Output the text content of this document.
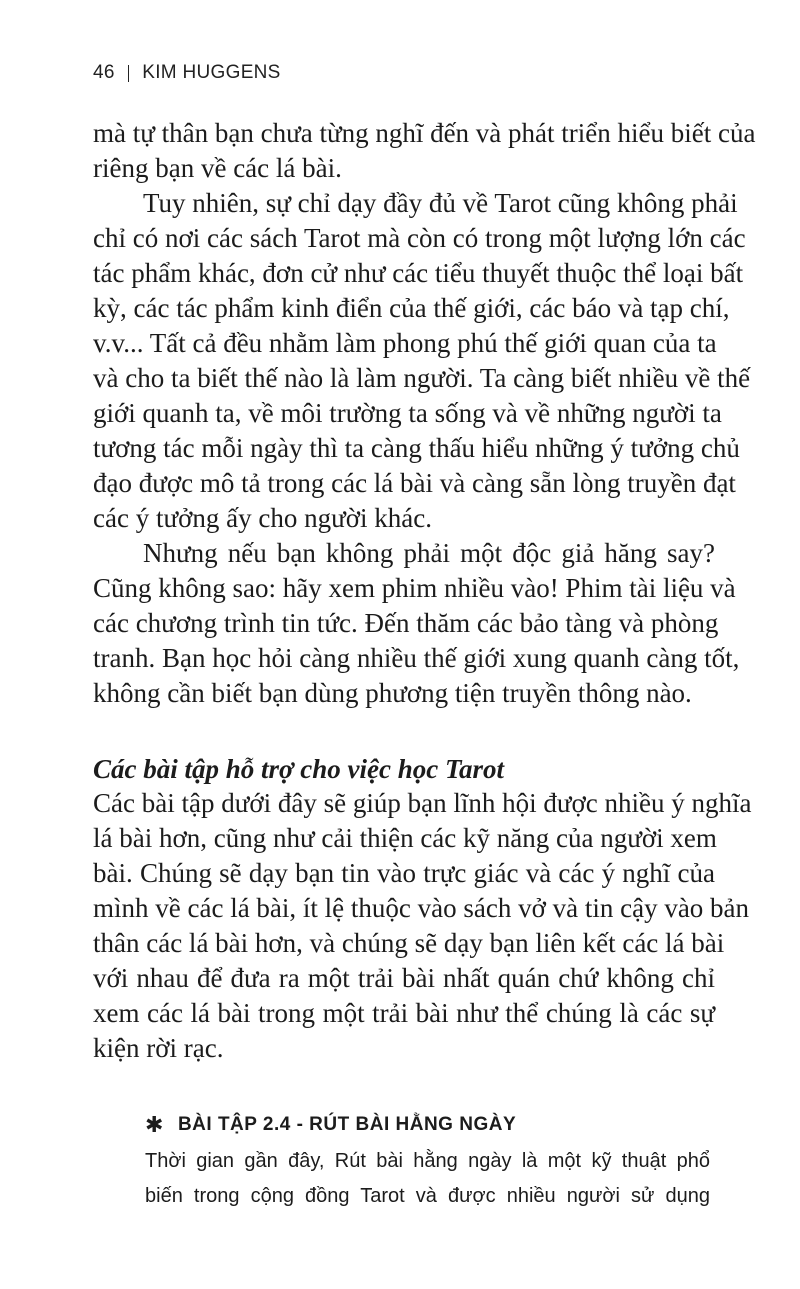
46 KIM HUGGENS
mà tự thân bạn chưa từng nghĩ đến và phát triển hiểu biết của
riêng bạn về các lá bài.
Tuy nhiên, sự chỉ dạy đầy đủ về Tarot cũng không phải
chỉ có nơi các sách Tarot mà còn có trong một lượng lớn các
tác phẩm khác, đơn cử như các tiểu thuyết thuộc thể loại bất
kỳ, các tác phẩm kinh điển của thế giới, các báo và tạp chí,
v.v... Tất cả đều nhằm làm phong phú thế giới quan của ta
và cho ta biết thế nào là làm người. Ta càng biết nhiều về thế
giới quanh ta, về môi trường ta sống và về những người ta
tương tác mỗi ngày thì ta càng thấu hiểu những ý tưởng chủ
đạo được mô tả trong các lá bài và càng sẵn lòng truyền đạt
các ý tưởng ấy cho người khác.
Nhưng nếu bạn không phải một độc giả hăng say?
Cũng không sao: hãy xem phim nhiều vào! Phim tài liệu và
các chương trình tin tức. Đến thăm các bảo tàng và phòng
tranh. Bạn học hỏi càng nhiều thế giới xung quanh càng tốt,
không cần biết bạn dùng phương tiện truyền thông nào.
Các bài tập hỗ trợ cho việc học Tarot
Các bài tập dưới đây sẽ giúp bạn lĩnh hội được nhiều ý nghĩa
lá bài hơn, cũng như cải thiện các kỹ năng của người xem
bài. Chúng sẽ dạy bạn tin vào trực giác và các ý nghĩ của
mình về các lá bài, ít lệ thuộc vào sách vở và tin cậy vào bản
thân các lá bài hơn, và chúng sẽ dạy bạn liên kết các lá bài
với nhau để đưa ra một trải bài nhất quán chứ không chỉ
xem các lá bài trong một trải bài như thể chúng là các sự
kiện rời rạc.
✱ BÀI TẬP 2.4 - RÚT BÀI HẰNG NGÀY
Thời gian gần đây, Rút bài hằng ngày là một kỹ thuật phổ
biến trong cộng đồng Tarot và được nhiều người sử dụng
